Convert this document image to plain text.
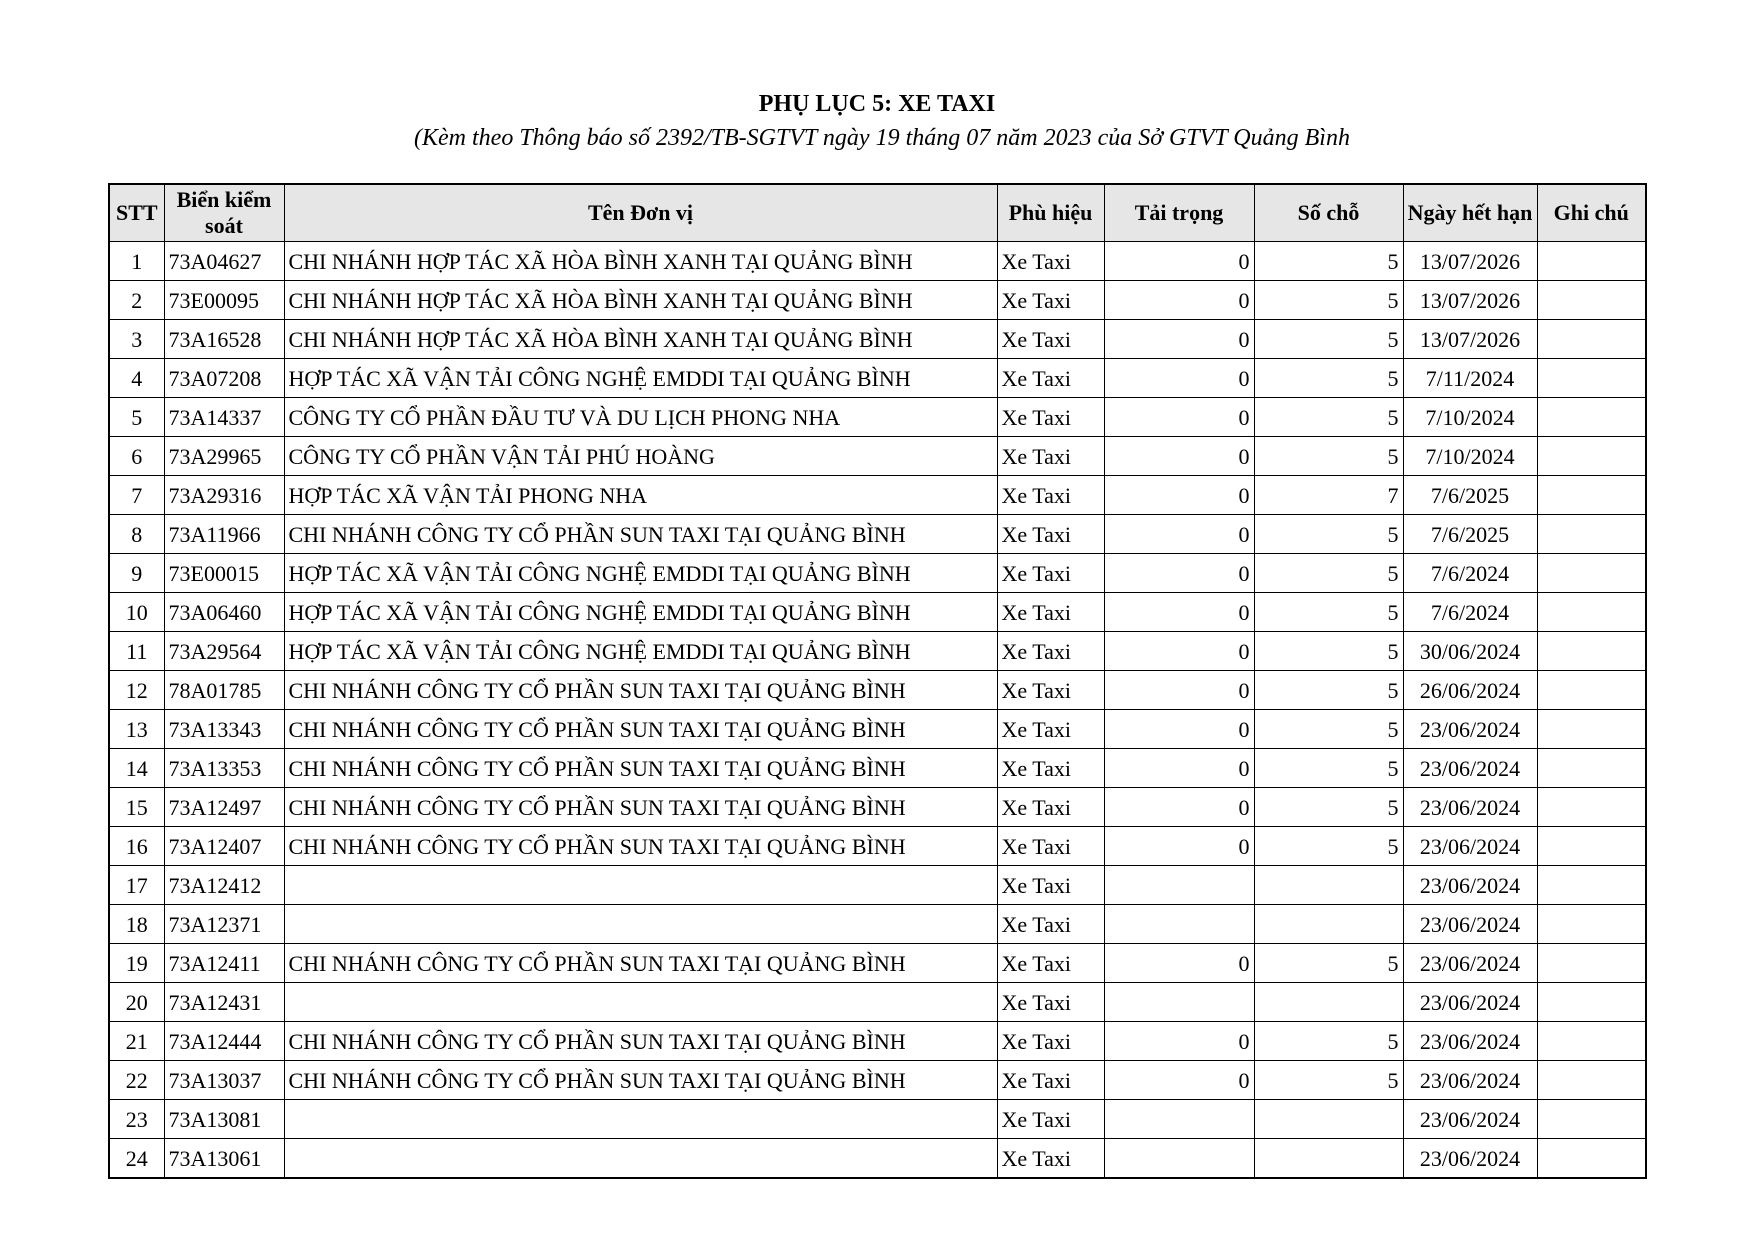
PHỤ LỤC 5: XE TAXI
(Kèm theo Thông báo số 2392/TB-SGTVT ngày 19 tháng 07 năm 2023 của Sở GTVT Quảng Bình
STT	Biển kiểm soát	Tên Đơn vị	Phù hiệu	Tải trọng	Số chỗ	Ngày hết hạn	Ghi chú
1	73A04627	CHI NHÁNH HỢP TÁC XÃ HÒA BÌNH XANH TẠI QUẢNG BÌNH	Xe Taxi	0	5	13/07/2026	
2	73E00095	CHI NHÁNH HỢP TÁC XÃ HÒA BÌNH XANH TẠI QUẢNG BÌNH	Xe Taxi	0	5	13/07/2026	
3	73A16528	CHI NHÁNH HỢP TÁC XÃ HÒA BÌNH XANH TẠI QUẢNG BÌNH	Xe Taxi	0	5	13/07/2026	
4	73A07208	HỢP TÁC XÃ VẬN TẢI CÔNG NGHỆ EMDDI TẠI QUẢNG BÌNH	Xe Taxi	0	5	7/11/2024	
5	73A14337	CÔNG TY CỔ PHẦN ĐẦU TƯ VÀ DU LỊCH PHONG NHA	Xe Taxi	0	5	7/10/2024	
6	73A29965	CÔNG TY CỔ PHẦN VẬN TẢI PHÚ HOÀNG	Xe Taxi	0	5	7/10/2024	
7	73A29316	HỢP TÁC XÃ VẬN TẢI PHONG NHA	Xe Taxi	0	7	7/6/2025	
8	73A11966	CHI NHÁNH CÔNG TY CỔ PHẦN SUN TAXI TẠI QUẢNG BÌNH	Xe Taxi	0	5	7/6/2025	
9	73E00015	HỢP TÁC XÃ VẬN TẢI CÔNG NGHỆ EMDDI TẠI QUẢNG BÌNH	Xe Taxi	0	5	7/6/2024	
10	73A06460	HỢP TÁC XÃ VẬN TẢI CÔNG NGHỆ EMDDI TẠI QUẢNG BÌNH	Xe Taxi	0	5	7/6/2024	
11	73A29564	HỢP TÁC XÃ VẬN TẢI CÔNG NGHỆ EMDDI TẠI QUẢNG BÌNH	Xe Taxi	0	5	30/06/2024	
12	78A01785	CHI NHÁNH CÔNG TY CỔ PHẦN SUN TAXI TẠI QUẢNG BÌNH	Xe Taxi	0	5	26/06/2024	
13	73A13343	CHI NHÁNH CÔNG TY CỔ PHẦN SUN TAXI TẠI QUẢNG BÌNH	Xe Taxi	0	5	23/06/2024	
14	73A13353	CHI NHÁNH CÔNG TY CỔ PHẦN SUN TAXI TẠI QUẢNG BÌNH	Xe Taxi	0	5	23/06/2024	
15	73A12497	CHI NHÁNH CÔNG TY CỔ PHẦN SUN TAXI TẠI QUẢNG BÌNH	Xe Taxi	0	5	23/06/2024	
16	73A12407	CHI NHÁNH CÔNG TY CỔ PHẦN SUN TAXI TẠI QUẢNG BÌNH	Xe Taxi	0	5	23/06/2024	
17	73A12412		Xe Taxi			23/06/2024	
18	73A12371		Xe Taxi			23/06/2024	
19	73A12411	CHI NHÁNH CÔNG TY CỔ PHẦN SUN TAXI TẠI QUẢNG BÌNH	Xe Taxi	0	5	23/06/2024	
20	73A12431		Xe Taxi			23/06/2024	
21	73A12444	CHI NHÁNH CÔNG TY CỔ PHẦN SUN TAXI TẠI QUẢNG BÌNH	Xe Taxi	0	5	23/06/2024	
22	73A13037	CHI NHÁNH CÔNG TY CỔ PHẦN SUN TAXI TẠI QUẢNG BÌNH	Xe Taxi	0	5	23/06/2024	
23	73A13081		Xe Taxi			23/06/2024	
24	73A13061		Xe Taxi			23/06/2024	
